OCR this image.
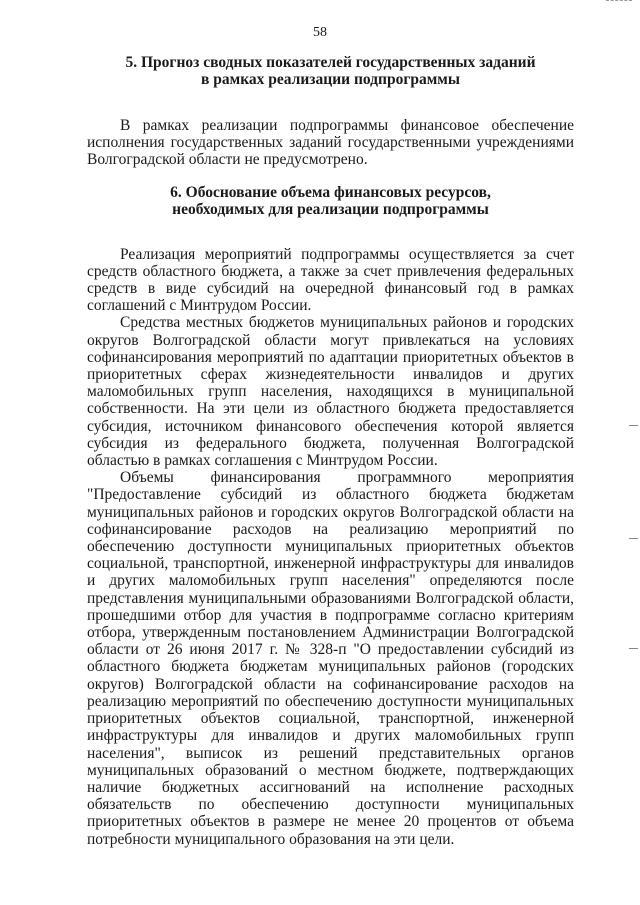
58
5. Прогноз сводных показателей государственных заданий
в рамках реализации подпрограммы

В рамках реализации подпрограммы финансовое обеспечение исполнения государственных заданий государственными учреждениями Волгоградской области не предусмотрено.

6. Обоснование объема финансовых ресурсов,
необходимых для реализации подпрограммы

Реализация мероприятий подпрограммы осуществляется за счет средств областного бюджета, а также за счет привлечения федеральных средств в виде субсидий на очередной финансовый год в рамках соглашений с Минтрудом России.

Средства местных бюджетов муниципальных районов и городских округов Волгоградской области могут привлекаться на условиях софинансирования мероприятий по адаптации приоритетных объектов в приоритетных сферах жизнедеятельности инвалидов и других маломобильных групп населения, находящихся в муниципальной собственности. На эти цели из областного бюджета предоставляется субсидия, источником финансового обеспечения которой является субсидия из федерального бюджета, полученная Волгоградской областью в рамках соглашения с Минтрудом России.

Объемы финансирования программного мероприятия "Предоставление субсидий из областного бюджета бюджетам муниципальных районов и городских округов Волгоградской области на софинансирование расходов на реализацию мероприятий по обеспечению доступности муниципальных приоритетных объектов социальной, транспортной, инженерной инфраструктуры для инвалидов и других маломобильных групп населения" определяются после представления муниципальными образованиями Волгоградской области, прошедшими отбор для участия в подпрограмме согласно критериям отбора, утвержденным постановлением Администрации Волгоградской области от 26 июня 2017 г. № 328-п "О предоставлении субсидий из областного бюджета бюджетам муниципальных районов (городских округов) Волгоградской области на софинансирование расходов на реализацию мероприятий по обеспечению доступности муниципальных приоритетных объектов социальной, транспортной, инженерной инфраструктуры для инвалидов и других маломобильных групп населения", выписок из решений представительных органов муниципальных образований о местном бюджете, подтверждающих наличие бюджетных ассигнований на исполнение расходных обязательств по обеспечению доступности муниципальных приоритетных объектов в размере не менее 20 процентов от объема потребности муниципального образования на эти цели.
